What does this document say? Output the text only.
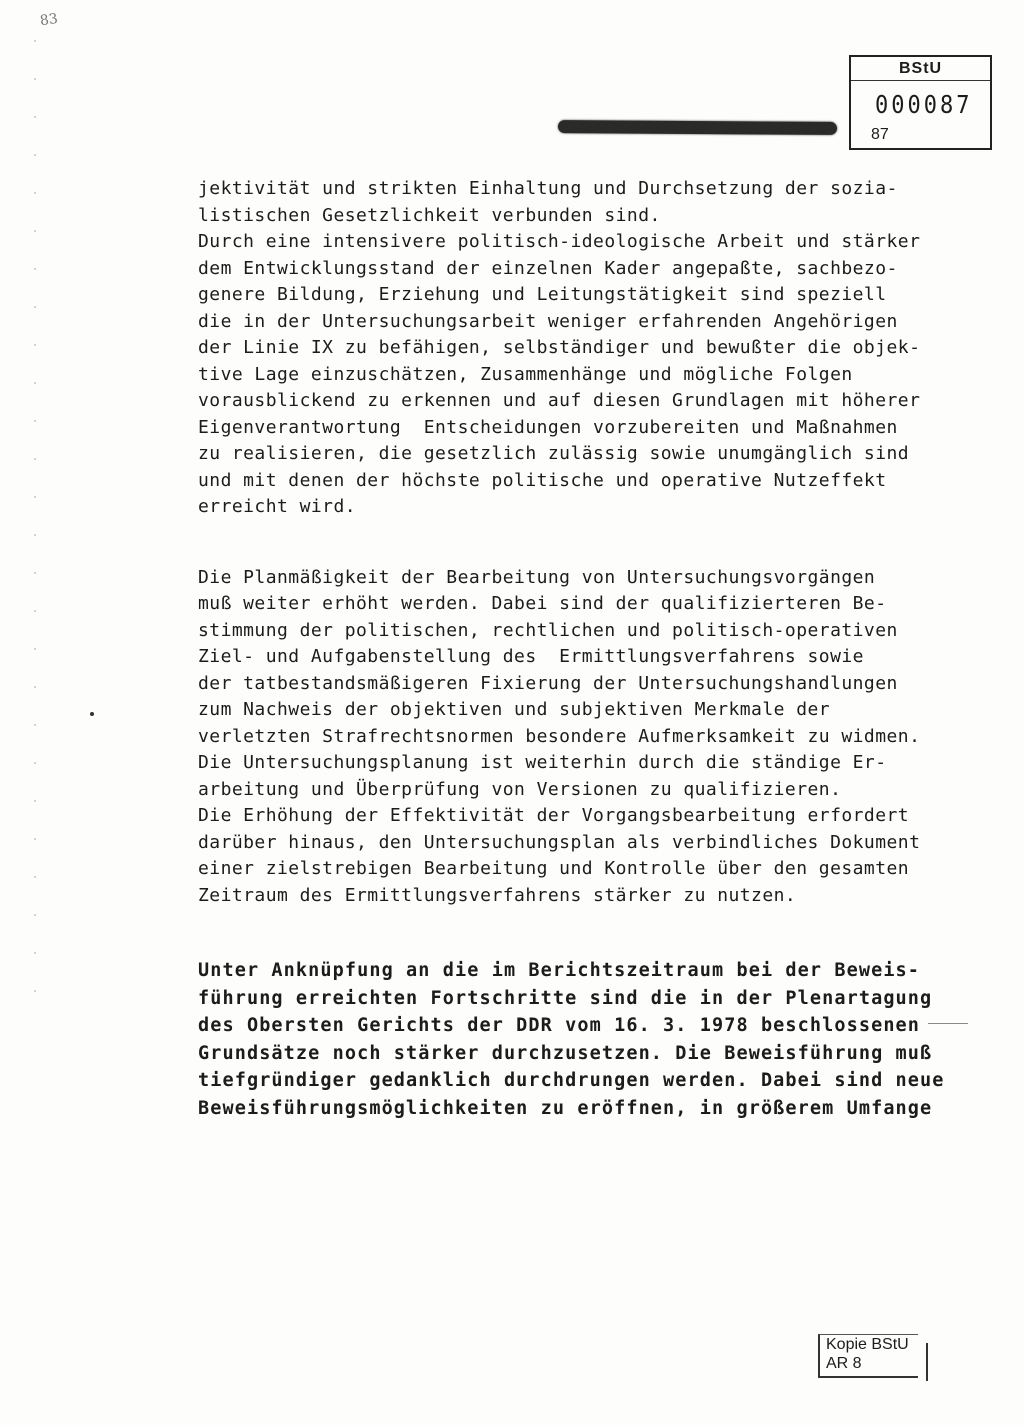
83
BStU
000087
87
jektivität und strikten Einhaltung und Durchsetzung der sozia-
listischen Gesetzlichkeit verbunden sind.
Durch eine intensivere politisch-ideologische Arbeit und stärker
dem Entwicklungsstand der einzelnen Kader angepaßte, sachbezo-
genere Bildung, Erziehung und Leitungstätigkeit sind speziell
die in der Untersuchungsarbeit weniger erfahrenden Angehörigen
der Linie IX zu befähigen, selbständiger und bewußter die objek-
tive Lage einzuschätzen, Zusammenhänge und mögliche Folgen
vorausblickend zu erkennen und auf diesen Grundlagen mit höherer
Eigenverantwortung  Entscheidungen vorzubereiten und Maßnahmen
zu realisieren, die gesetzlich zulässig sowie unumgänglich sind
und mit denen der höchste politische und operative Nutzeffekt
erreicht wird.
Die Planmäßigkeit der Bearbeitung von Untersuchungsvorgängen
muß weiter erhöht werden. Dabei sind der qualifizierteren Be-
stimmung der politischen, rechtlichen und politisch-operativen
Ziel- und Aufgabenstellung des  Ermittlungsverfahrens sowie
der tatbestandsmäßigeren Fixierung der Untersuchungshandlungen
zum Nachweis der objektiven und subjektiven Merkmale der
verletzten Strafrechtsnormen besondere Aufmerksamkeit zu widmen.
Die Untersuchungsplanung ist weiterhin durch die ständige Er-
arbeitung und Überprüfung von Versionen zu qualifizieren.
Die Erhöhung der Effektivität der Vorgangsbearbeitung erfordert
darüber hinaus, den Untersuchungsplan als verbindliches Dokument
einer zielstrebigen Bearbeitung und Kontrolle über den gesamten
Zeitraum des Ermittlungsverfahrens stärker zu nutzen.
Unter Anknüpfung an die im Berichtszeitraum bei der Beweis-
führung erreichten Fortschritte sind die in der Plenartagung
des Obersten Gerichts der DDR vom 16. 3. 1978 beschlossenen
Grundsätze noch stärker durchzusetzen. Die Beweisführung muß
tiefgründiger gedanklich durchdrungen werden. Dabei sind neue
Beweisführungsmöglichkeiten zu eröffnen, in größerem Umfange
Kopie BStU
AR 8
